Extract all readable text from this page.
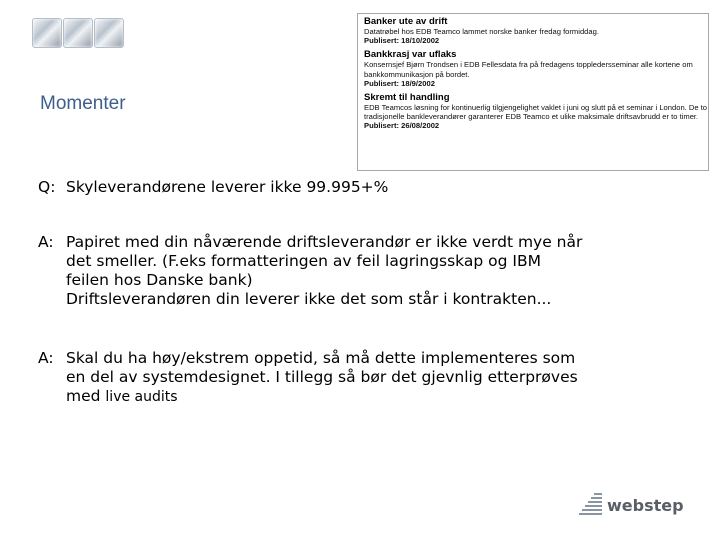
Momenter
Banker ute av drift
Datatrøbel hos EDB Teamco lammet norske banker fredag formiddag.
Publisert: 18/10/2002
Bankkrasj var uflaks
Konsernsjef Bjørn Trondsen i EDB Fellesdata fra på fredagens toppledersseminar alle kortene om bankkommunikasjon på bordet.
Publisert: 18/9/2002
Skremt til handling
EDB Teamcos løsning for kontinuerlig tilgjengelighet vaklet i juni og slutt på et seminar i London. De to tradisjonelle bankleverandører garanterer EDB Teamco et ulike maksimale driftsavbrudd er to timer.
Publisert: 26/08/2002
Q: Skyleverandørene leverer ikke 99.995+%
A: Papiret med din nåværende driftsleverandør er ikke verdt mye når
det smeller. (F.eks formatteringen av feil lagringsskap og IBM
feilen hos Danske bank)
Driftsleverandøren din leverer ikke det som står i kontrakten...
A: Skal du ha høy/ekstrem oppetid, så må dette implementeres som
en del av systemdesignet. I tillegg så bør det gjevnlig etterprøves
med live audits
webstep
